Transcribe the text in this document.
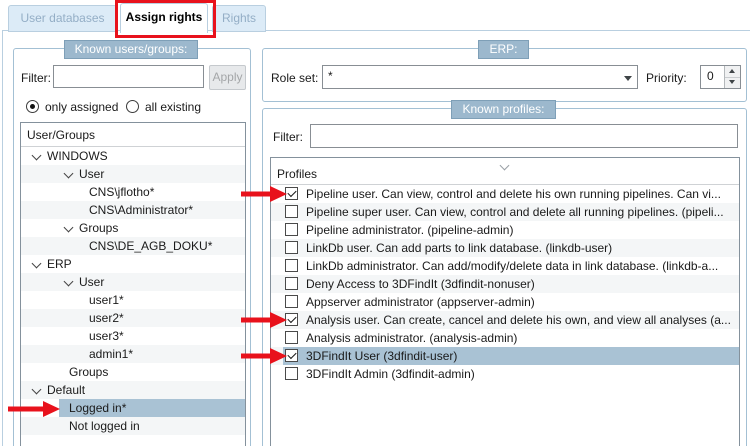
User databases	Assign rights	Rights
Known users/groups:
Filter:	Apply
only assigned all existing
User/Groups
WINDOWS
User
CNS\jflotho*
CNS\Administrator*
Groups
CNS\DE_AGB_DOKU*
ERP
User
user1*
user2*
user3*
admin1*
Groups
Default
Logged in*
Not logged in
ERP:
Role set: *	Priority: 0
Known profiles:
Filter:
Profiles
Pipeline user. Can view, control and delete his own running pipelines. Can vi...
Pipeline super user. Can view, control and delete all running pipelines. (pipeli...
Pipeline administrator. (pipeline-admin)
LinkDb user. Can add parts to link database. (linkdb-user)
LinkDb administrator. Can add/modify/delete data in link database. (linkdb-a...
Deny Access to 3DFindIt (3dfindit-nonuser)
Appserver administrator (appserver-admin)
Analysis user. Can create, cancel and delete his own, and view all analyses (a...
Analysis administrator. (analysis-admin)
3DFindIt User (3dfindit-user)
3DFindIt Admin (3dfindit-admin)
